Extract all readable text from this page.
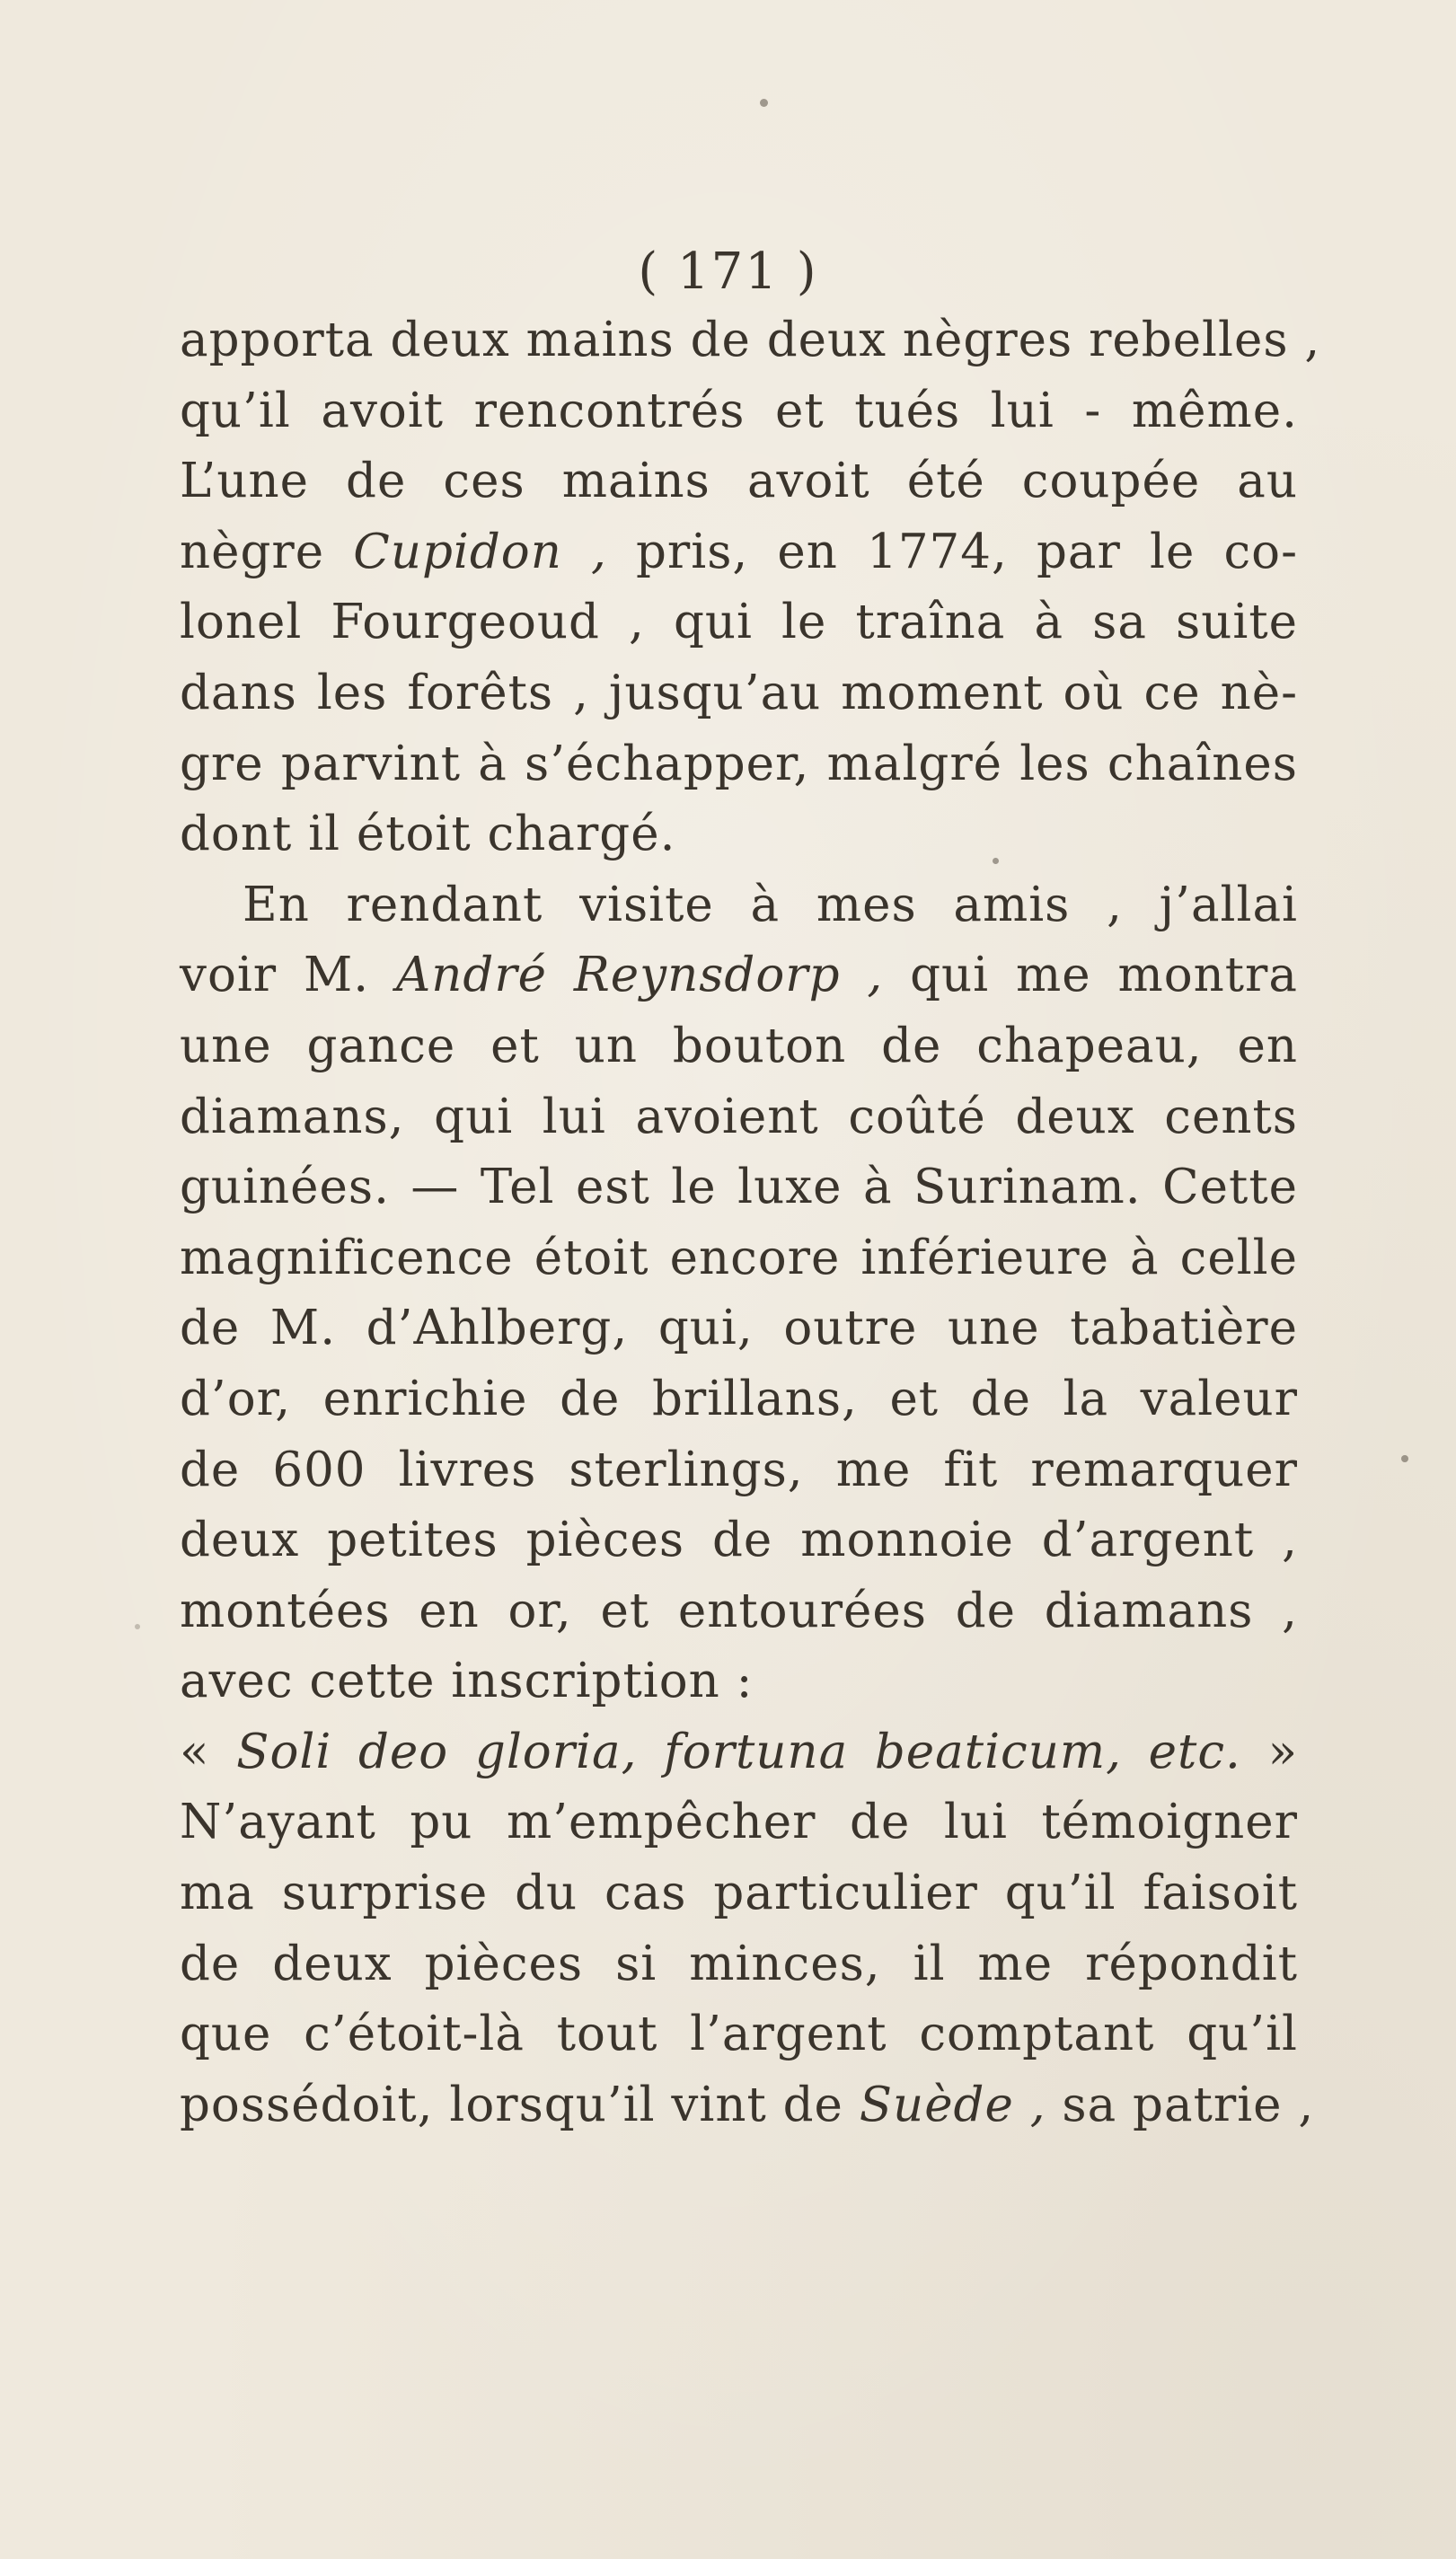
( 171 )
apporta deux mains de deux nègres rebelles ,
qu’il avoit rencontrés et tués lui - même.
L’une de ces mains avoit été coupée au
nègre Cupidon , pris, en 1774, par le co-
lonel Fourgeoud , qui le traîna à sa suite
dans les forêts , jusqu’au moment où ce nè-
gre parvint à s’échapper, malgré les chaînes
dont il étoit chargé.
En rendant visite à mes amis , j’allai
voir M. André Reynsdorp , qui me montra
une gance et un bouton de chapeau, en
diamans, qui lui avoient coûté deux cents
guinées. — Tel est le luxe à Surinam. Cette
magnificence étoit encore inférieure à celle
de M. d’Ahlberg, qui, outre une tabatière
d’or, enrichie de brillans, et de la valeur
de 600 livres sterlings, me fit remarquer
deux petites pièces de monnoie d’argent ,
montées en or, et entourées de diamans ,
avec cette inscription :
« Soli deo gloria, fortuna beaticum, etc. »
N’ayant pu m’empêcher de lui témoigner
ma surprise du cas particulier qu’il faisoit
de deux pièces si minces, il me répondit
que c’étoit-là tout l’argent comptant qu’il
possédoit, lorsqu’il vint de Suède , sa patrie ,
